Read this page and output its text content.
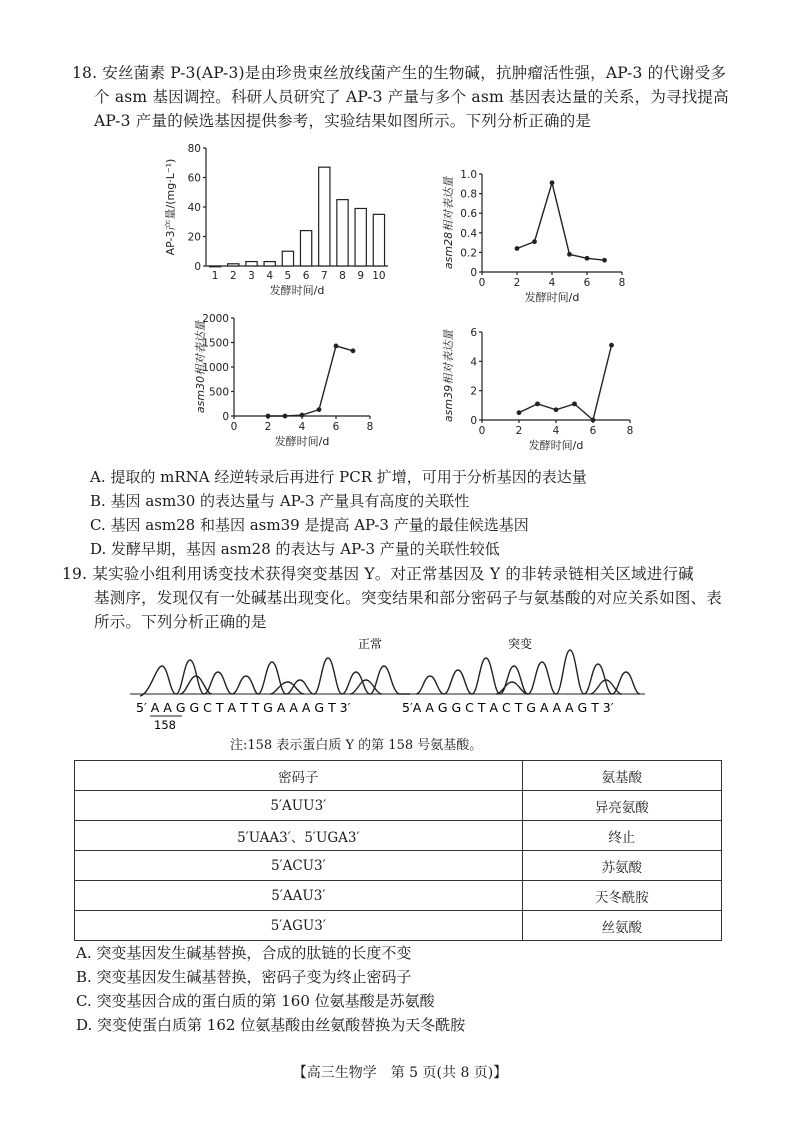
18. 安丝菌素 P-3(AP-3)是由珍贵束丝放线菌产生的生物碱，抗肿瘤活性强，AP-3 的代谢受多
个 asm 基因调控。科研人员研究了 AP-3 产量与多个 asm 基因表达量的关系，为寻找提高
AP-3 产量的候选基因提供参考，实验结果如图所示。下列分析正确的是
0
20
40
60
80
1 2 3 4 5 6 7 8 9 10
发酵时间/d
AP-3产量/(mg·L⁻¹)
0	2	4	6	8
0
0.2
0.4
0.6
0.8
1.0
发酵时间/d
asm28相对表达量
0	2	4	6	8
0
500
1000
1500
2000
发酵时间/d
asm30相对表达量
0	2	4	6	8
0
2
4
6
发酵时间/d
asm39相对表达量
A. 提取的 mRNA 经逆转录后再进行 PCR 扩增，可用于分析基因的表达量
B. 基因 asm30 的表达量与 AP-3 产量具有高度的关联性
C. 基因 asm28 和基因 asm39 是提高 AP-3 产量的最佳候选基因
D. 发酵早期，基因 asm28 的表达与 AP-3 产量的关联性较低
19. 某实验小组利用诱变技术获得突变基因 Y。对正常基因及 Y 的非转录链相关区域进行碱
基测序，发现仅有一处碱基出现变化。突变结果和部分密码子与氨基酸的对应关系如图、表
所示。下列分析正确的是
正常	突变
5′ A A G G C T A T T G A A A G T 3′	5′A A G G C T A C T G A A A G T 3′
158
注:158 表示蛋白质 Y 的第 158 号氨基酸。
密码子	氨基酸
5′AUU3′	异亮氨酸
5′UAA3′、5′UGA3′	终止
5′ACU3′	苏氨酸
5′AAU3′	天冬酰胺
5′AGU3′	丝氨酸
A. 突变基因发生碱基替换，合成的肽链的长度不变
B. 突变基因发生碱基替换，密码子变为终止密码子
C. 突变基因合成的蛋白质的第 160 位氨基酸是苏氨酸
D. 突变使蛋白质第 162 位氨基酸由丝氨酸替换为天冬酰胺
【高三生物学　第 5 页(共 8 页)】
